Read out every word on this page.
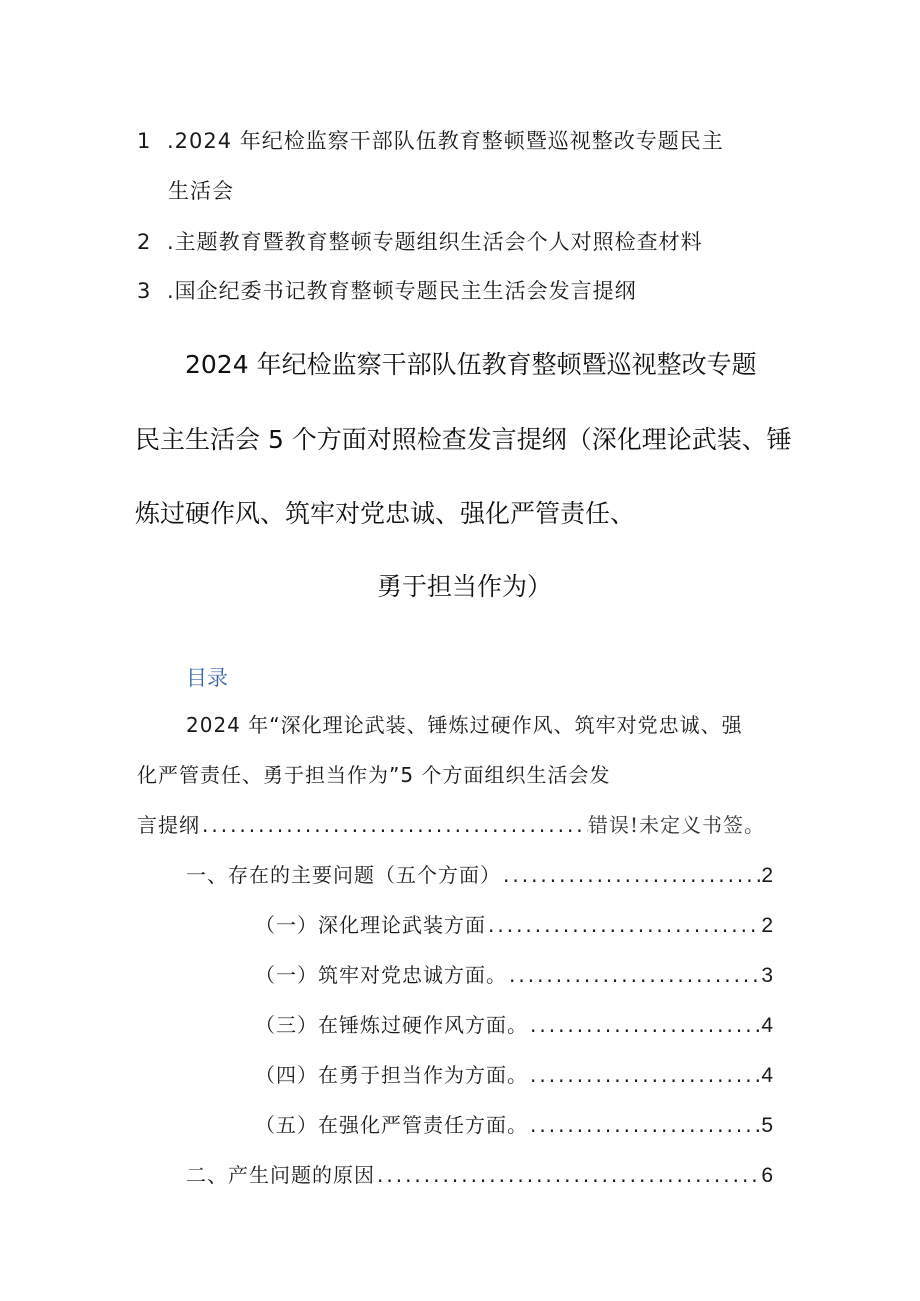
1 .2024 年纪检监察干部队伍教育整顿暨巡视整改专题民主
生活会
2 .主题教育暨教育整顿专题组织生活会个人对照检查材料
3 .国企纪委书记教育整顿专题民主生活会发言提纲
2024 年纪检监察干部队伍教育整顿暨巡视整改专题
民主生活会 5 个方面对照检查发言提纲（深化理论武装、锤
炼过硬作风、筑牢对党忠诚、强化严管责任、
勇于担当作为）
目录
2024 年“深化理论武装、锤炼过硬作风、筑牢对党忠诚、强
化严管责任、勇于担当作为”5 个方面组织生活会发
言提纲 .....	错误!未定义书签。
一、存在的主要问题（五个方面） .....	2
（一）深化理论武装方面 .....	2
（一）筑牢对党忠诚方面。 .....	3
（三）在锤炼过硬作风方面。 .....	4
（四）在勇于担当作为方面。 .....	4
（五）在强化严管责任方面。 .....	5
二、产生问题的原因 .....	6
